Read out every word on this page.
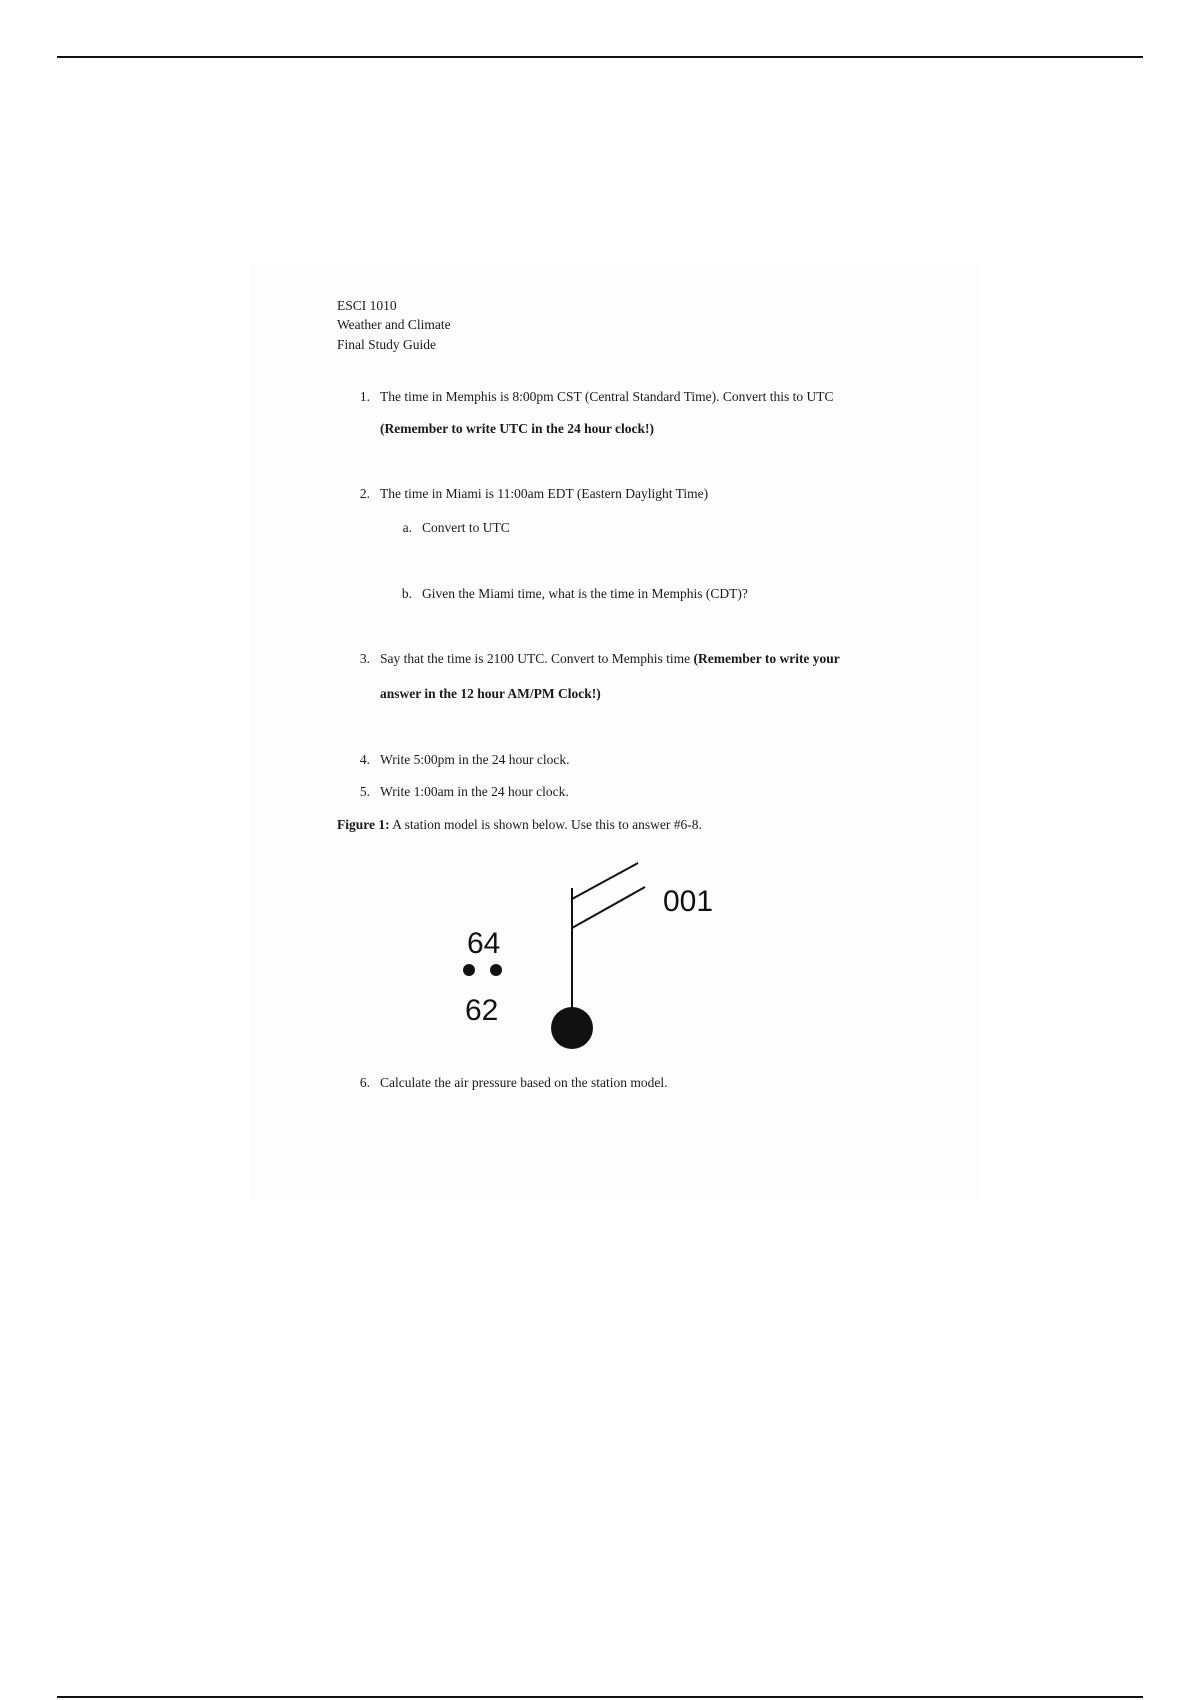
ESCI 1010
Weather and Climate
Final Study Guide
1. The time in Memphis is 8:00pm CST (Central Standard Time). Convert this to UTC
(Remember to write UTC in the 24 hour clock!)
2. The time in Miami is 11:00am EDT (Eastern Daylight Time)
a. Convert to UTC
b. Given the Miami time, what is the time in Memphis (CDT)?
3. Say that the time is 2100 UTC. Convert to Memphis time (Remember to write your
answer in the 12 hour AM/PM Clock!)
4. Write 5:00pm in the 24 hour clock.
5. Write 1:00am in the 24 hour clock.
Figure 1: A station model is shown below. Use this to answer #6-8.
64
62
001
6. Calculate the air pressure based on the station model.
